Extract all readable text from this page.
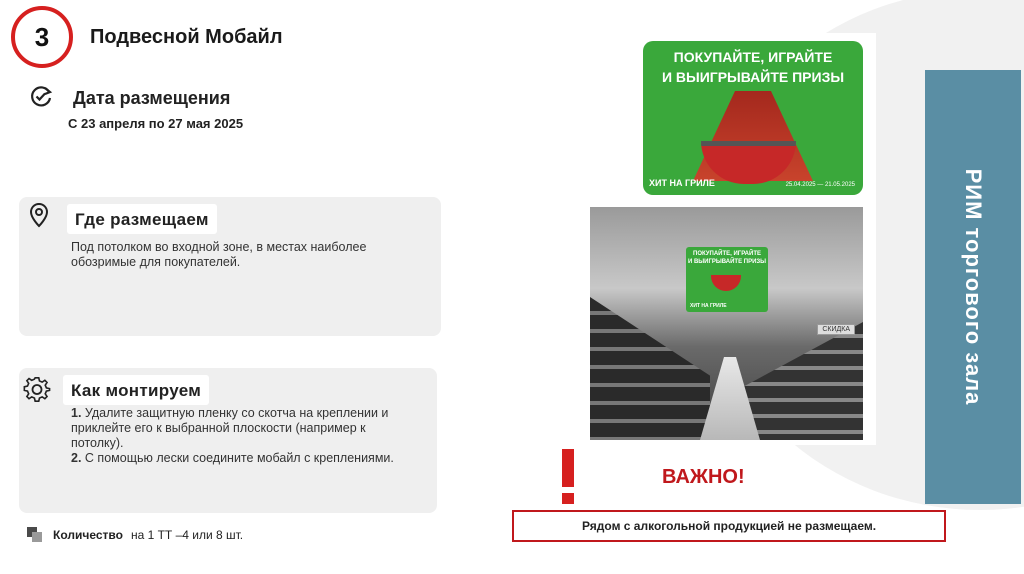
3 Подвесной Мобайл
Дата размещения
С 23 апреля по 27 мая 2025
Где размещаем
Под потолком во входной зоне, в местах наиболее обозримые для покупателей.
Как монтируем
1. Удалите защитную пленку со скотча на креплении и приклейте его к выбранной плоскости (например к потолку).
2. С помощью лески соедините мобайл с креплениями.
Количество на 1 ТТ –4 или 8 шт.
ПОКУПАЙТЕ, ИГРАЙТЕ
И ВЫИГРЫВАЙТЕ ПРИЗЫ
ХИТ НА ГРИЛЕ	25.04.2025 — 21.05.2025
ПОКУПАЙТЕ, ИГРАЙТЕ
И ВЫИГРЫВАЙТЕ ПРИЗЫ
ХИТ НА ГРИЛЕ
СКИДКА	РИМ торгового зала
ВАЖНО!
Рядом с алкогольной продукцией не размещаем.
